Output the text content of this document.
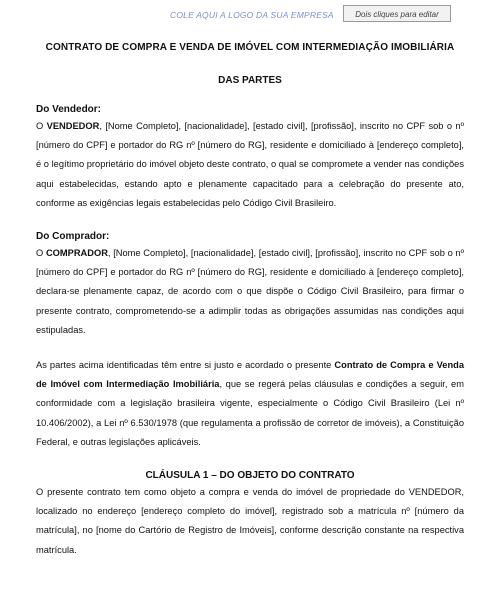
COLE AQUI A LOGO DA SUA EMPRESA	Dois cliques para editar
CONTRATO DE COMPRA E VENDA DE IMÓVEL COM INTERMEDIAÇÃO IMOBILIÁRIA
DAS PARTES
Do Vendedor:

O VENDEDOR, [Nome Completo], [nacionalidade], [estado civil], [profissão], inscrito no CPF sob o nº [número do CPF] e portador do RG nº [número do RG], residente e domiciliado à [endereço completo], é o legítimo proprietário do imóvel objeto deste contrato, o qual se compromete a vender nas condições aqui estabelecidas, estando apto e plenamente capacitado para a celebração do presente ato, conforme as exigências legais estabelecidas pelo Código Civil Brasileiro.

Do Comprador:

O COMPRADOR, [Nome Completo], [nacionalidade], [estado civil], [profissão], inscrito no CPF sob o nº [número do CPF] e portador do RG nº [número do RG], residente e domiciliado à [endereço completo], declara-se plenamente capaz, de acordo com o que dispõe o Código Civil Brasileiro, para firmar o presente contrato, comprometendo-se a adimplir todas as obrigações assumidas nas condições aqui estipuladas.

As partes acima identificadas têm entre si justo e acordado o presente Contrato de Compra e Venda de Imóvel com Intermediação Imobiliária, que se regerá pelas cláusulas e condições a seguir, em conformidade com a legislação brasileira vigente, especialmente o Código Civil Brasileiro (Lei nº 10.406/2002), a Lei nº 6.530/1978 (que regulamenta a profissão de corretor de imóveis), a Constituição Federal, e outras legislações aplicáveis.

CLÁUSULA 1 – DO OBJETO DO CONTRATO

O presente contrato tem como objeto a compra e venda do imóvel de propriedade do VENDEDOR, localizado no endereço [endereço completo do imóvel], registrado sob a matrícula nº [número da matrícula], no [nome do Cartório de Registro de Imóveis], conforme descrição constante na respectiva matrícula.
